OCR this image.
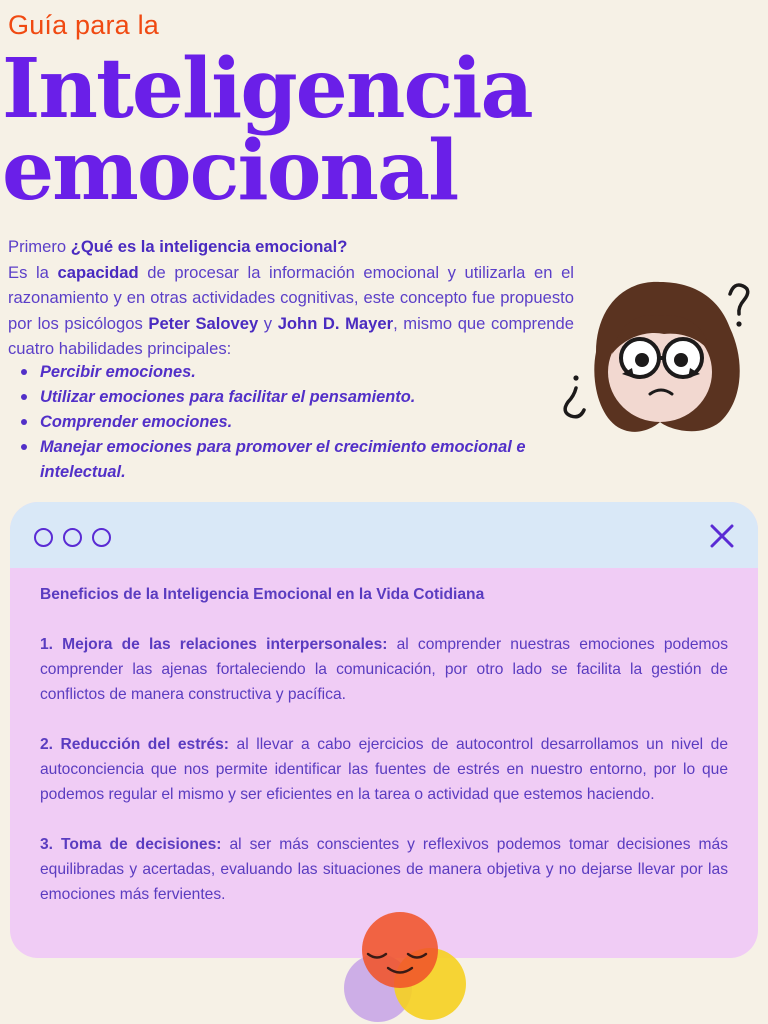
Guía para la
Inteligencia
emocional
Primero ¿Qué es la inteligencia emocional?
Es la capacidad de procesar la información emocional y utilizarla en el razonamiento y en otras actividades cognitivas, este concepto fue propuesto por los psicólogos Peter Salovey y John D. Mayer, mismo que comprende cuatro habilidades principales:
Percibir emociones.
Utilizar emociones para facilitar el pensamiento.
Comprender emociones.
Manejar emociones para promover el crecimiento emocional e intelectual.
Beneficios de la Inteligencia Emocional en la Vida Cotidiana

1. Mejora de las relaciones interpersonales: al comprender nuestras emociones podemos comprender las ajenas fortaleciendo la comunicación, por otro lado se facilita la gestión de conflictos de manera constructiva y pacífica.

2. Reducción del estrés: al llevar a cabo ejercicios de autocontrol desarrollamos un nivel de autoconciencia que nos permite identificar las fuentes de estrés en nuestro entorno, por lo que podemos regular el mismo y ser eficientes en la tarea o actividad que estemos haciendo.

3. Toma de decisiones: al ser más conscientes y reflexivos podemos tomar decisiones más equilibradas y acertadas, evaluando las situaciones de manera objetiva y no dejarse llevar por las emociones más fervientes.
